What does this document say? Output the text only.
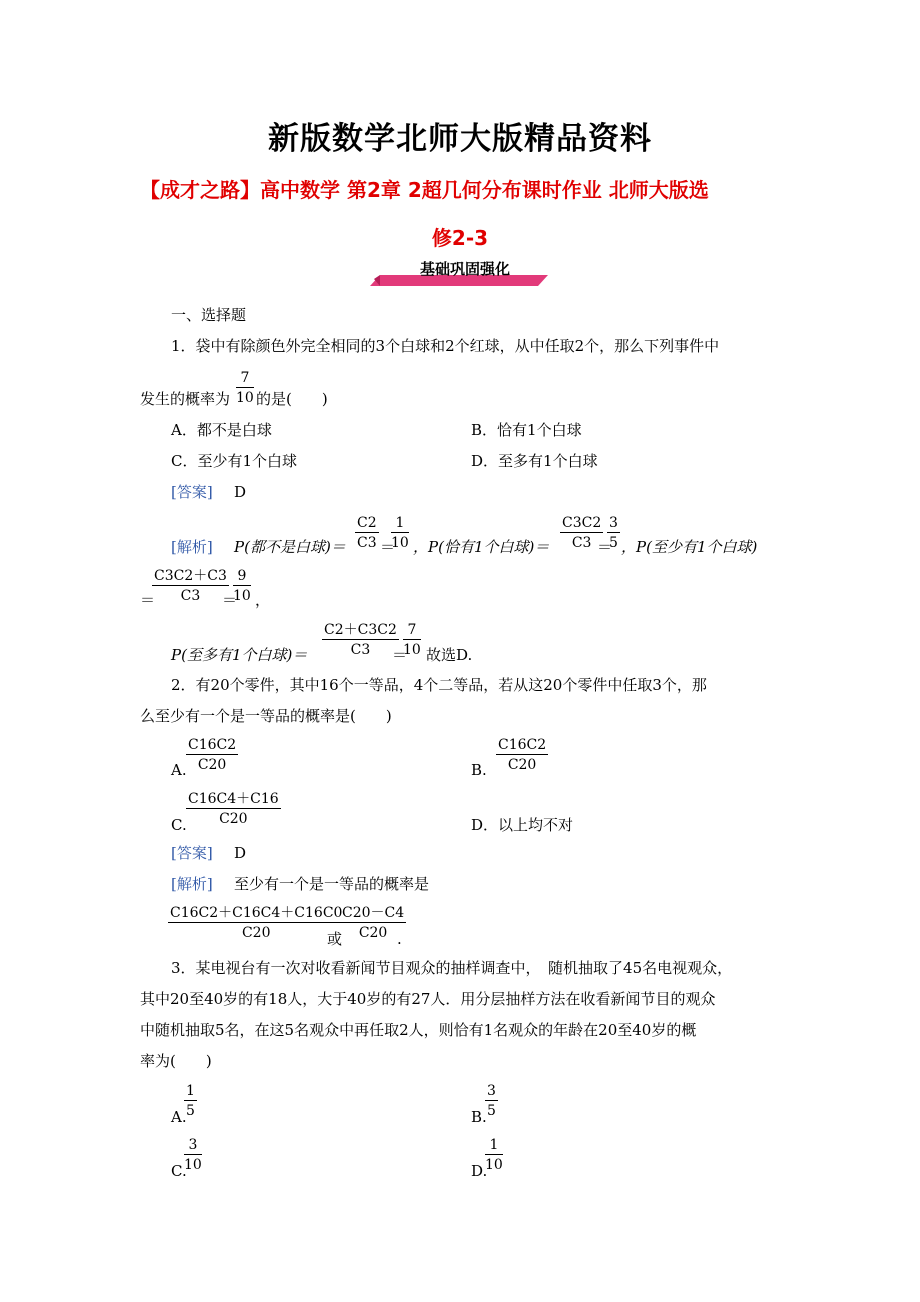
新版数学北师大版精品资料
【成才之路】高中数学 第2章 2超几何分布课时作业 北师大版选
修2-3
基础巩固强化
一、选择题
1．袋中有除颜色外完全相同的3个白球和2个红球，从中任取2个，那么下列事件中
发生的概率为 $\frac{7}{10}$ 的是(　　)
A．都不是白球	B．恰有1个白球
C．至少有1个白球	D．至多有1个白球
[答案] D
[解析] P(都不是白球)＝ $\frac{C2}{C3}$ ＝
$\frac{1}{10}$ ，P(恰有1个白球)＝ $\frac{C3C2}{C3}$
＝
$\frac{3}{5}$ ，P(至少有1个白球)
＝
$\frac{C3C2+C3}{C3}$
＝
$\frac{9}{10}$ ，
P(至多有1个白球)＝ $\frac{C2+C3C2}{C3}$
＝
$\frac{7}{10}$ 故选D.
2．有20个零件，其中16个一等品，4个二等品，若从这20个零件中任取3个，那
么至少有一个是一等品的概率是(　　)
A. $\frac{C16C2}{C20}$	B. $\frac{C16C2}{C20}$
C. $\frac{C16C4+C16}{C20}$	D．以上均不对
[答案] D
[解析] 至少有一个是一等品的概率是
$\frac{C16C2+C16C4+C16C0}{C20}$
或
$\frac{C20-C4}{C20}$
.
3．某电视台有一次对收看新闻节目观众的抽样调查中，　随机抽取了45名电视观众，
其中20至40岁的有18人，大于40岁的有27人．用分层抽样方法在收看新闻节目的观众
中随机抽取5名，在这5名观众中再任取2人，则恰有1名观众的年龄在20至40岁的概
率为(　　)
A.
$\frac{1}{5}$	B.
$\frac{3}{5}$
C.
$\frac{3}{10}$	D.
$\frac{1}{10}$
